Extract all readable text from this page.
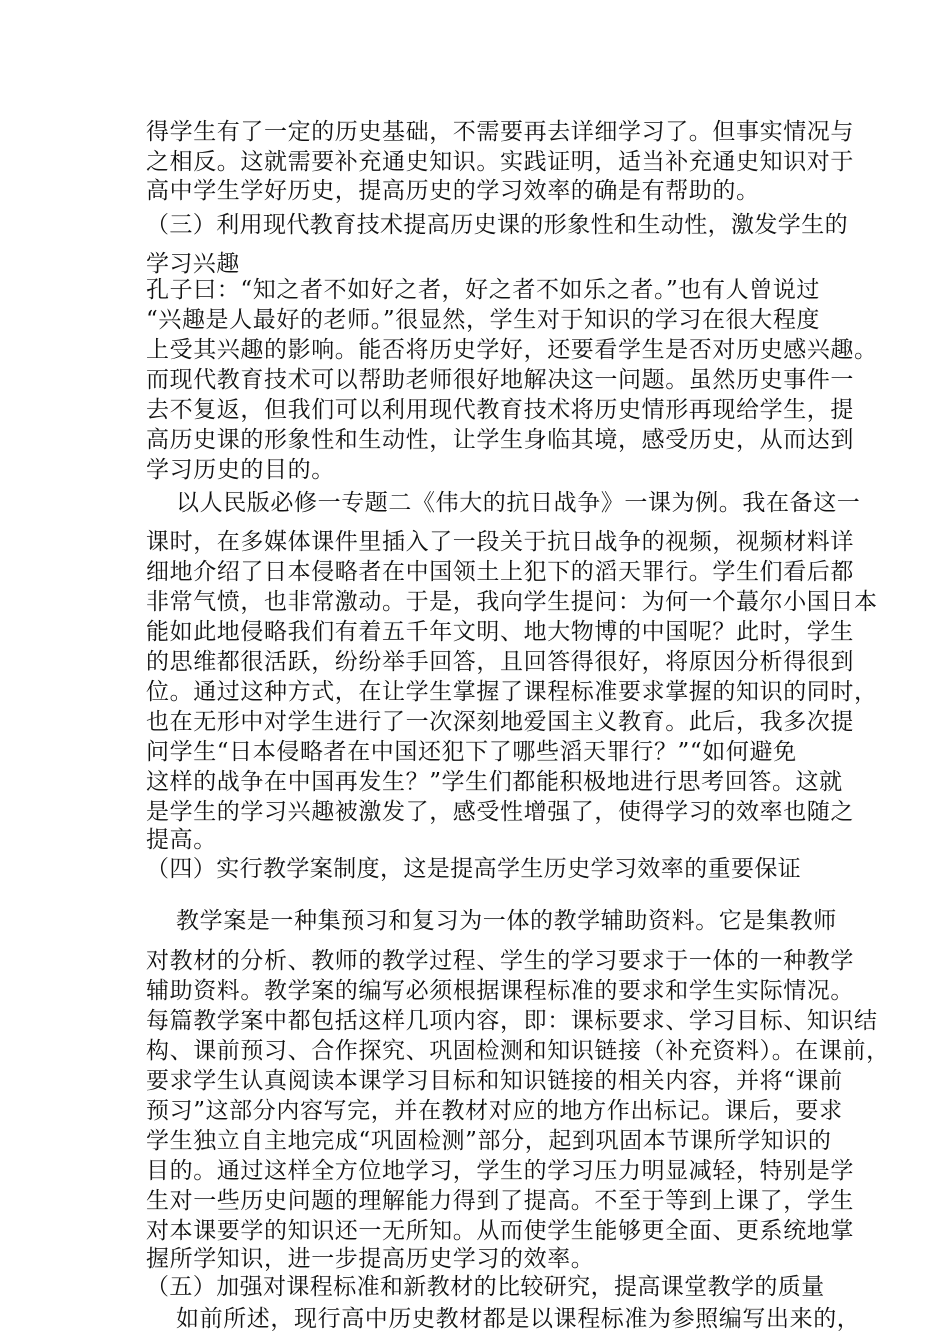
得学生有了一定的历史基础，不需要再去详细学习了。但事实情况与
之相反。这就需要补充通史知识。实践证明，适当补充通史知识对于
高中学生学好历史，提高历史的学习效率的确是有帮助的。
（三）利用现代教育技术提高历史课的形象性和生动性，激发学生的
学习兴趣
孔子曰：“知之者不如好之者，好之者不如乐之者。”也有人曾说过
“兴趣是人最好的老师。”很显然，学生对于知识的学习在很大程度
上受其兴趣的影响。能否将历史学好，还要看学生是否对历史感兴趣。
而现代教育技术可以帮助老师很好地解决这一问题。虽然历史事件一
去不复返，但我们可以利用现代教育技术将历史情形再现给学生，提
高历史课的形象性和生动性，让学生身临其境，感受历史，从而达到
学习历史的目的。
以人民版必修一专题二《伟大的抗日战争》一课为例。我在备这一
课时，在多媒体课件里插入了一段关于抗日战争的视频，视频材料详
细地介绍了日本侵略者在中国领土上犯下的滔天罪行。学生们看后都
非常气愤，也非常激动。于是，我向学生提问：为何一个蕞尔小国日本
能如此地侵略我们有着五千年文明、地大物博的中国呢？此时，学生
的思维都很活跃，纷纷举手回答，且回答得很好，将原因分析得很到
位。通过这种方式，在让学生掌握了课程标准要求掌握的知识的同时，
也在无形中对学生进行了一次深刻地爱国主义教育。此后，我多次提
问学生“日本侵略者在中国还犯下了哪些滔天罪行？”“如何避免
这样的战争在中国再发生？”学生们都能积极地进行思考回答。这就
是学生的学习兴趣被激发了，感受性增强了，使得学习的效率也随之
提高。
（四）实行教学案制度，这是提高学生历史学习效率的重要保证
教学案是一种集预习和复习为一体的教学辅助资料。它是集教师
对教材的分析、教师的教学过程、学生的学习要求于一体的一种教学
辅助资料。教学案的编写必须根据课程标准的要求和学生实际情况。
每篇教学案中都包括这样几项内容，即：课标要求、学习目标、知识结
构、课前预习、合作探究、巩固检测和知识链接（补充资料）。在课前，
要求学生认真阅读本课学习目标和知识链接的相关内容，并将“课前
预习”这部分内容写完，并在教材对应的地方作出标记。课后，要求
学生独立自主地完成“巩固检测”部分，起到巩固本节课所学知识的
目的。通过这样全方位地学习，学生的学习压力明显减轻，特别是学
生对一些历史问题的理解能力得到了提高。不至于等到上课了，学生
对本课要学的知识还一无所知。从而使学生能够更全面、更系统地掌
握所学知识，进一步提高历史学习的效率。
（五）加强对课程标准和新教材的比较研究，提高课堂教学的质量
如前所述，现行高中历史教材都是以课程标准为参照编写出来的，
